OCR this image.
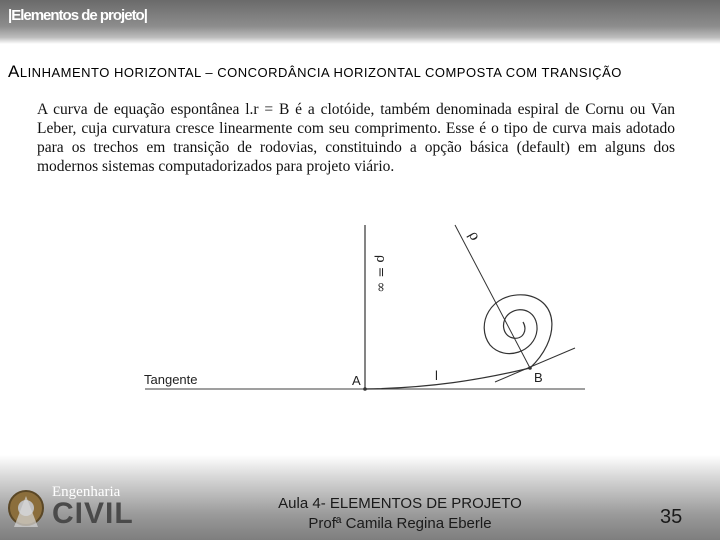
|Elementos de projeto|
ALINHAMENTO HORIZONTAL – CONCORDÂNCIA HORIZONTAL COMPOSTA COM TRANSIÇÃO
A curva de equação espontânea l.r = B é a clotóide, também denominada espiral de Cornu ou Van Leber, cuja curvatura cresce linearmente com seu comprimento. Esse é o tipo de curva mais adotado para os trechos em transição de rodovias, constituindo a opção básica (default) em alguns dos modernos sistemas computadorizados para projeto viário.
Tangente	A	B
l
ρ
ρ = ∞
Engenharia
CIVIL	Aula 4- ELEMENTOS DE PROJETO
Profª Camila Regina Eberle	35
